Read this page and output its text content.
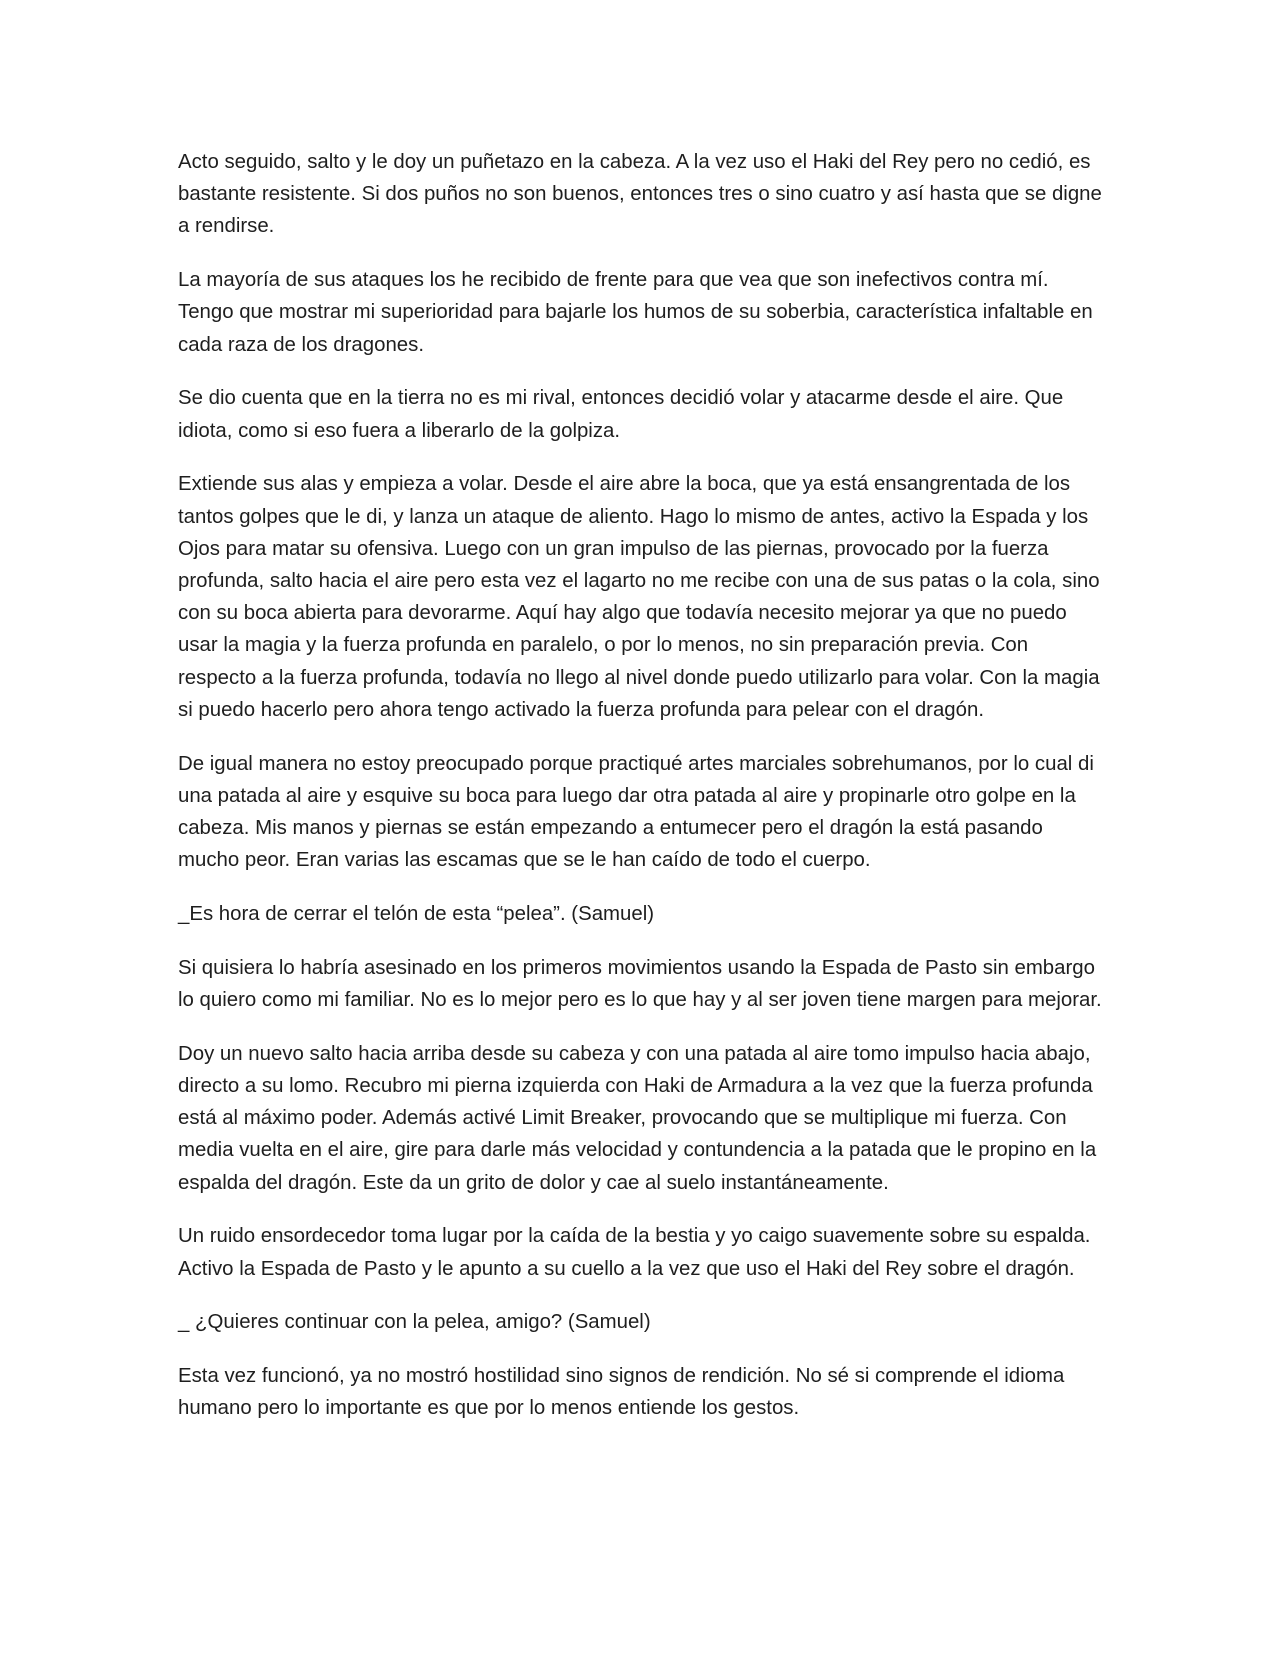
Acto seguido, salto y le doy un puñetazo en la cabeza. A la vez uso el Haki del Rey pero no cedió, es bastante resistente. Si dos puños no son buenos, entonces tres o sino cuatro y así hasta que se digne a rendirse.

La mayoría de sus ataques los he recibido de frente para que vea que son inefectivos contra mí. Tengo que mostrar mi superioridad para bajarle los humos de su soberbia, característica infaltable en cada raza de los dragones.

Se dio cuenta que en la tierra no es mi rival, entonces decidió volar y atacarme desde el aire. Que idiota, como si eso fuera a liberarlo de la golpiza.

Extiende sus alas y empieza a volar. Desde el aire abre la boca, que ya está ensangrentada de los tantos golpes que le di, y lanza un ataque de aliento. Hago lo mismo de antes, activo la Espada y los Ojos para matar su ofensiva. Luego con un gran impulso de las piernas, provocado por la fuerza profunda, salto hacia el aire pero esta vez el lagarto no me recibe con una de sus patas o la cola, sino con su boca abierta para devorarme. Aquí hay algo que todavía necesito mejorar ya que no puedo usar la magia y la fuerza profunda en paralelo, o por lo menos, no sin preparación previa. Con respecto a la fuerza profunda, todavía no llego al nivel donde puedo utilizarlo para volar. Con la magia si puedo hacerlo pero ahora tengo activado la fuerza profunda para pelear con el dragón.

De igual manera no estoy preocupado porque practiqué artes marciales sobrehumanos, por lo cual di una patada al aire y esquive su boca para luego dar otra patada al aire y propinarle otro golpe en la cabeza. Mis manos y piernas se están empezando a entumecer pero el dragón la está pasando mucho peor. Eran varias las escamas que se le han caído de todo el cuerpo.

_Es hora de cerrar el telón de esta “pelea”. (Samuel)

Si quisiera lo habría asesinado en los primeros movimientos usando la Espada de Pasto sin embargo lo quiero como mi familiar. No es lo mejor pero es lo que hay y al ser joven tiene margen para mejorar.

Doy un nuevo salto hacia arriba desde su cabeza y con una patada al aire tomo impulso hacia abajo, directo a su lomo. Recubro mi pierna izquierda con Haki de Armadura a la vez que la fuerza profunda está al máximo poder. Además activé Limit Breaker, provocando que se multiplique mi fuerza. Con media vuelta en el aire, gire para darle más velocidad y contundencia a la patada que le propino en la espalda del dragón. Este da un grito de dolor y cae al suelo instantáneamente.

Un ruido ensordecedor toma lugar por la caída de la bestia y yo caigo suavemente sobre su espalda. Activo la Espada de Pasto y le apunto a su cuello a la vez que uso el Haki del Rey sobre el dragón.

_ ¿Quieres continuar con la pelea, amigo? (Samuel)

Esta vez funcionó, ya no mostró hostilidad sino signos de rendición. No sé si comprende el idioma humano pero lo importante es que por lo menos entiende los gestos.
